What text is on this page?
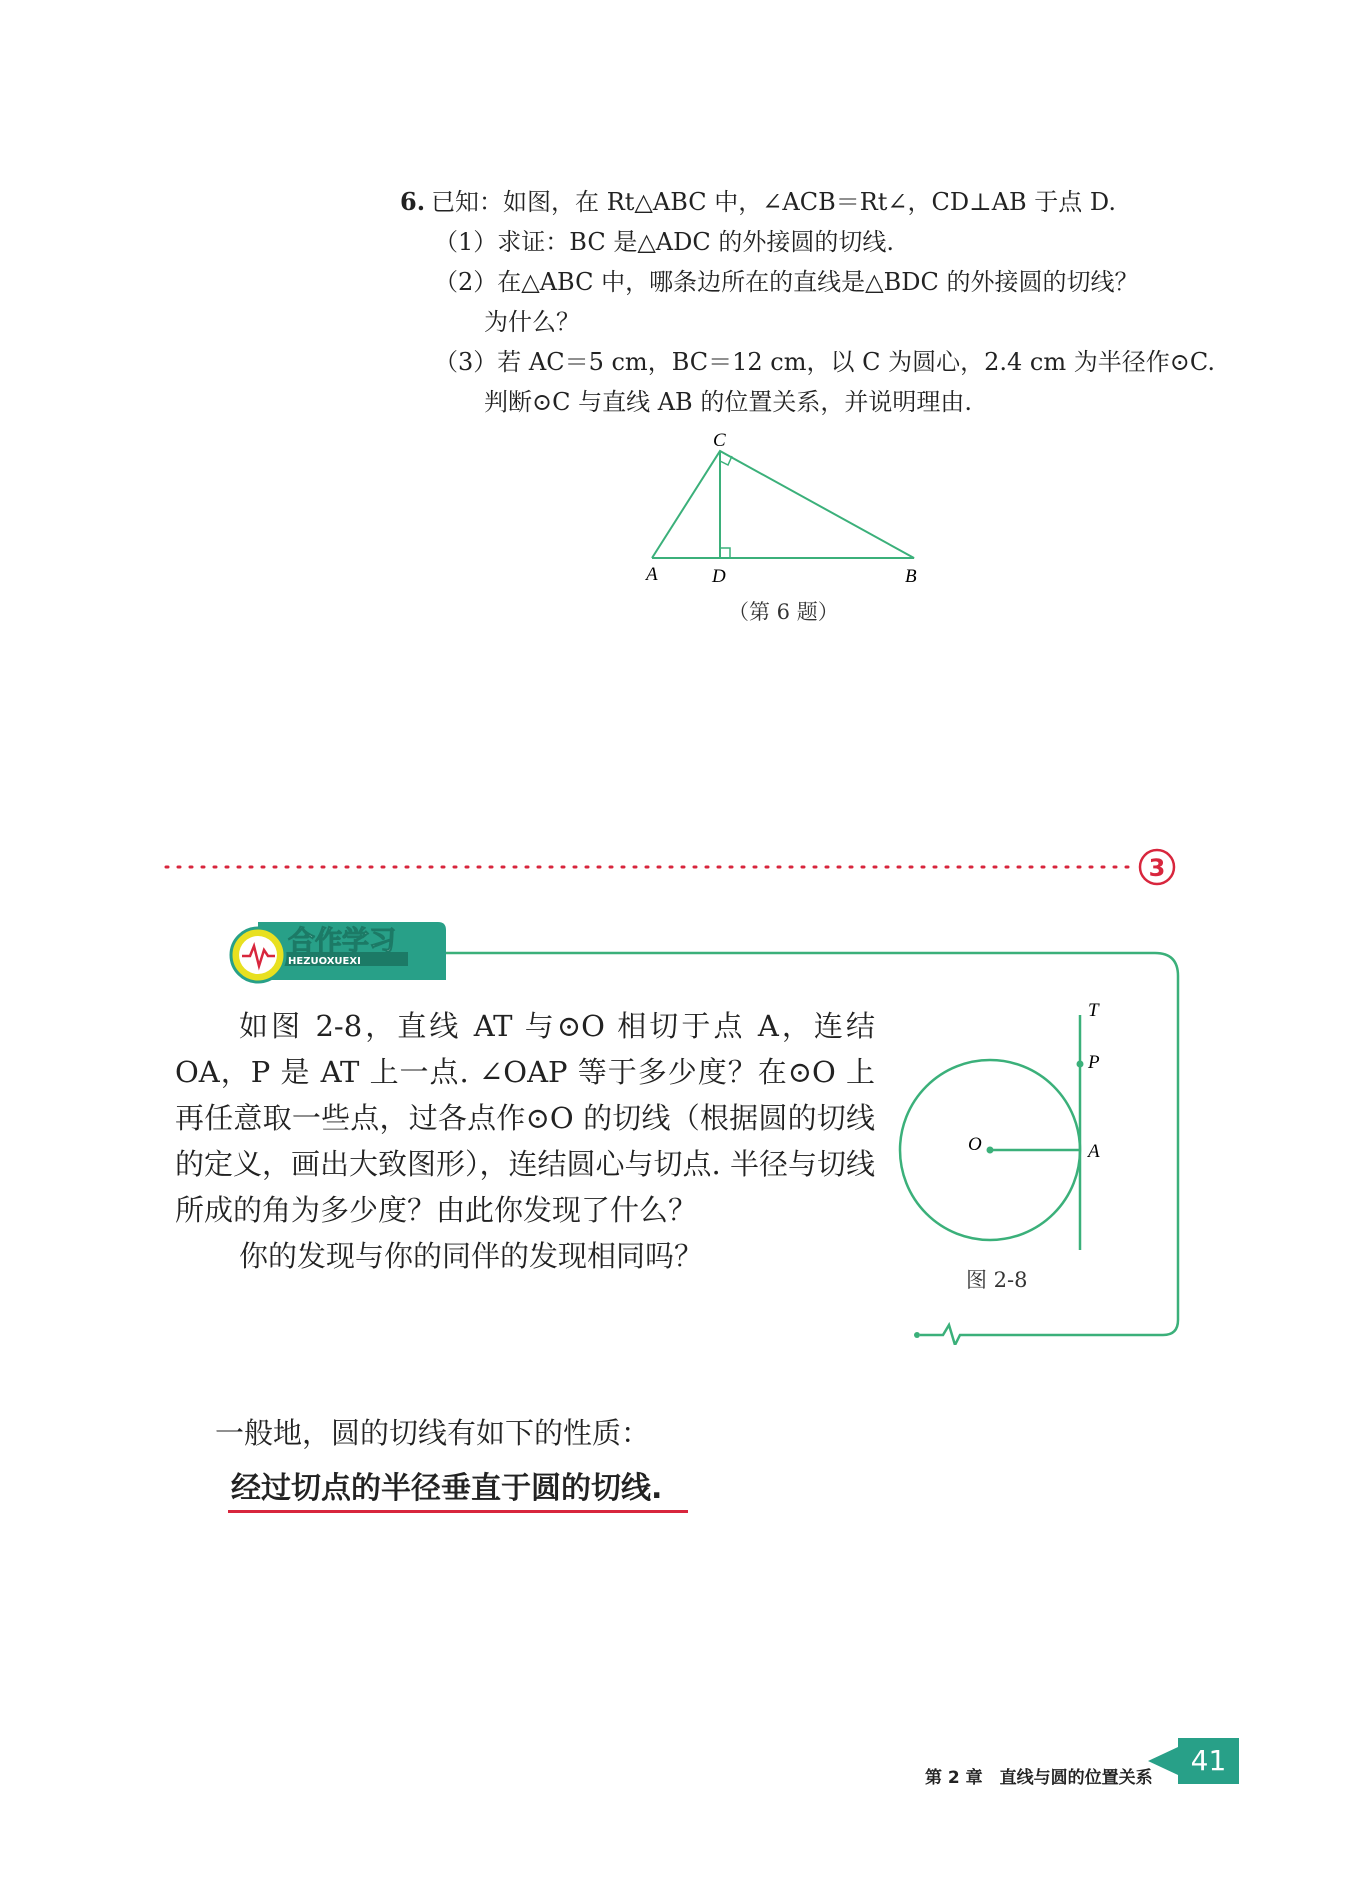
6. 已知：如图，在 Rt△ABC 中，∠ACB＝Rt∠，CD⊥AB 于点 D.
（1）求证：BC 是△ADC 的外接圆的切线.
（2）在△ABC 中，哪条边所在的直线是△BDC 的外接圆的切线？
为什么？
（3）若 AC＝5 cm，BC＝12 cm，以 C 为圆心，2.4 cm 为半径作⊙C.
判断⊙C 与直线 AB 的位置关系，并说明理由.
C
A	D	B
（第 6 题）
3
合作学习
HEZUOXUEXI

如图 2-8，直线 AT 与⊙O 相切于点 A，连结 OA，P 是 AT 上一点. ∠OAP 等于多少度？在⊙O 上再任意取一些点，过各点作⊙O 的切线（根据圆的切线的定义，画出大致图形），连结圆心与切点. 半径与切线所成的角为多少度？由此你发现了什么？

你的发现与你的同伴的发现相同吗？

T
P
O	A
图 2-8
一般地，圆的切线有如下的性质：
经过切点的半径垂直于圆的切线.
第 2 章　直线与圆的位置关系
41
